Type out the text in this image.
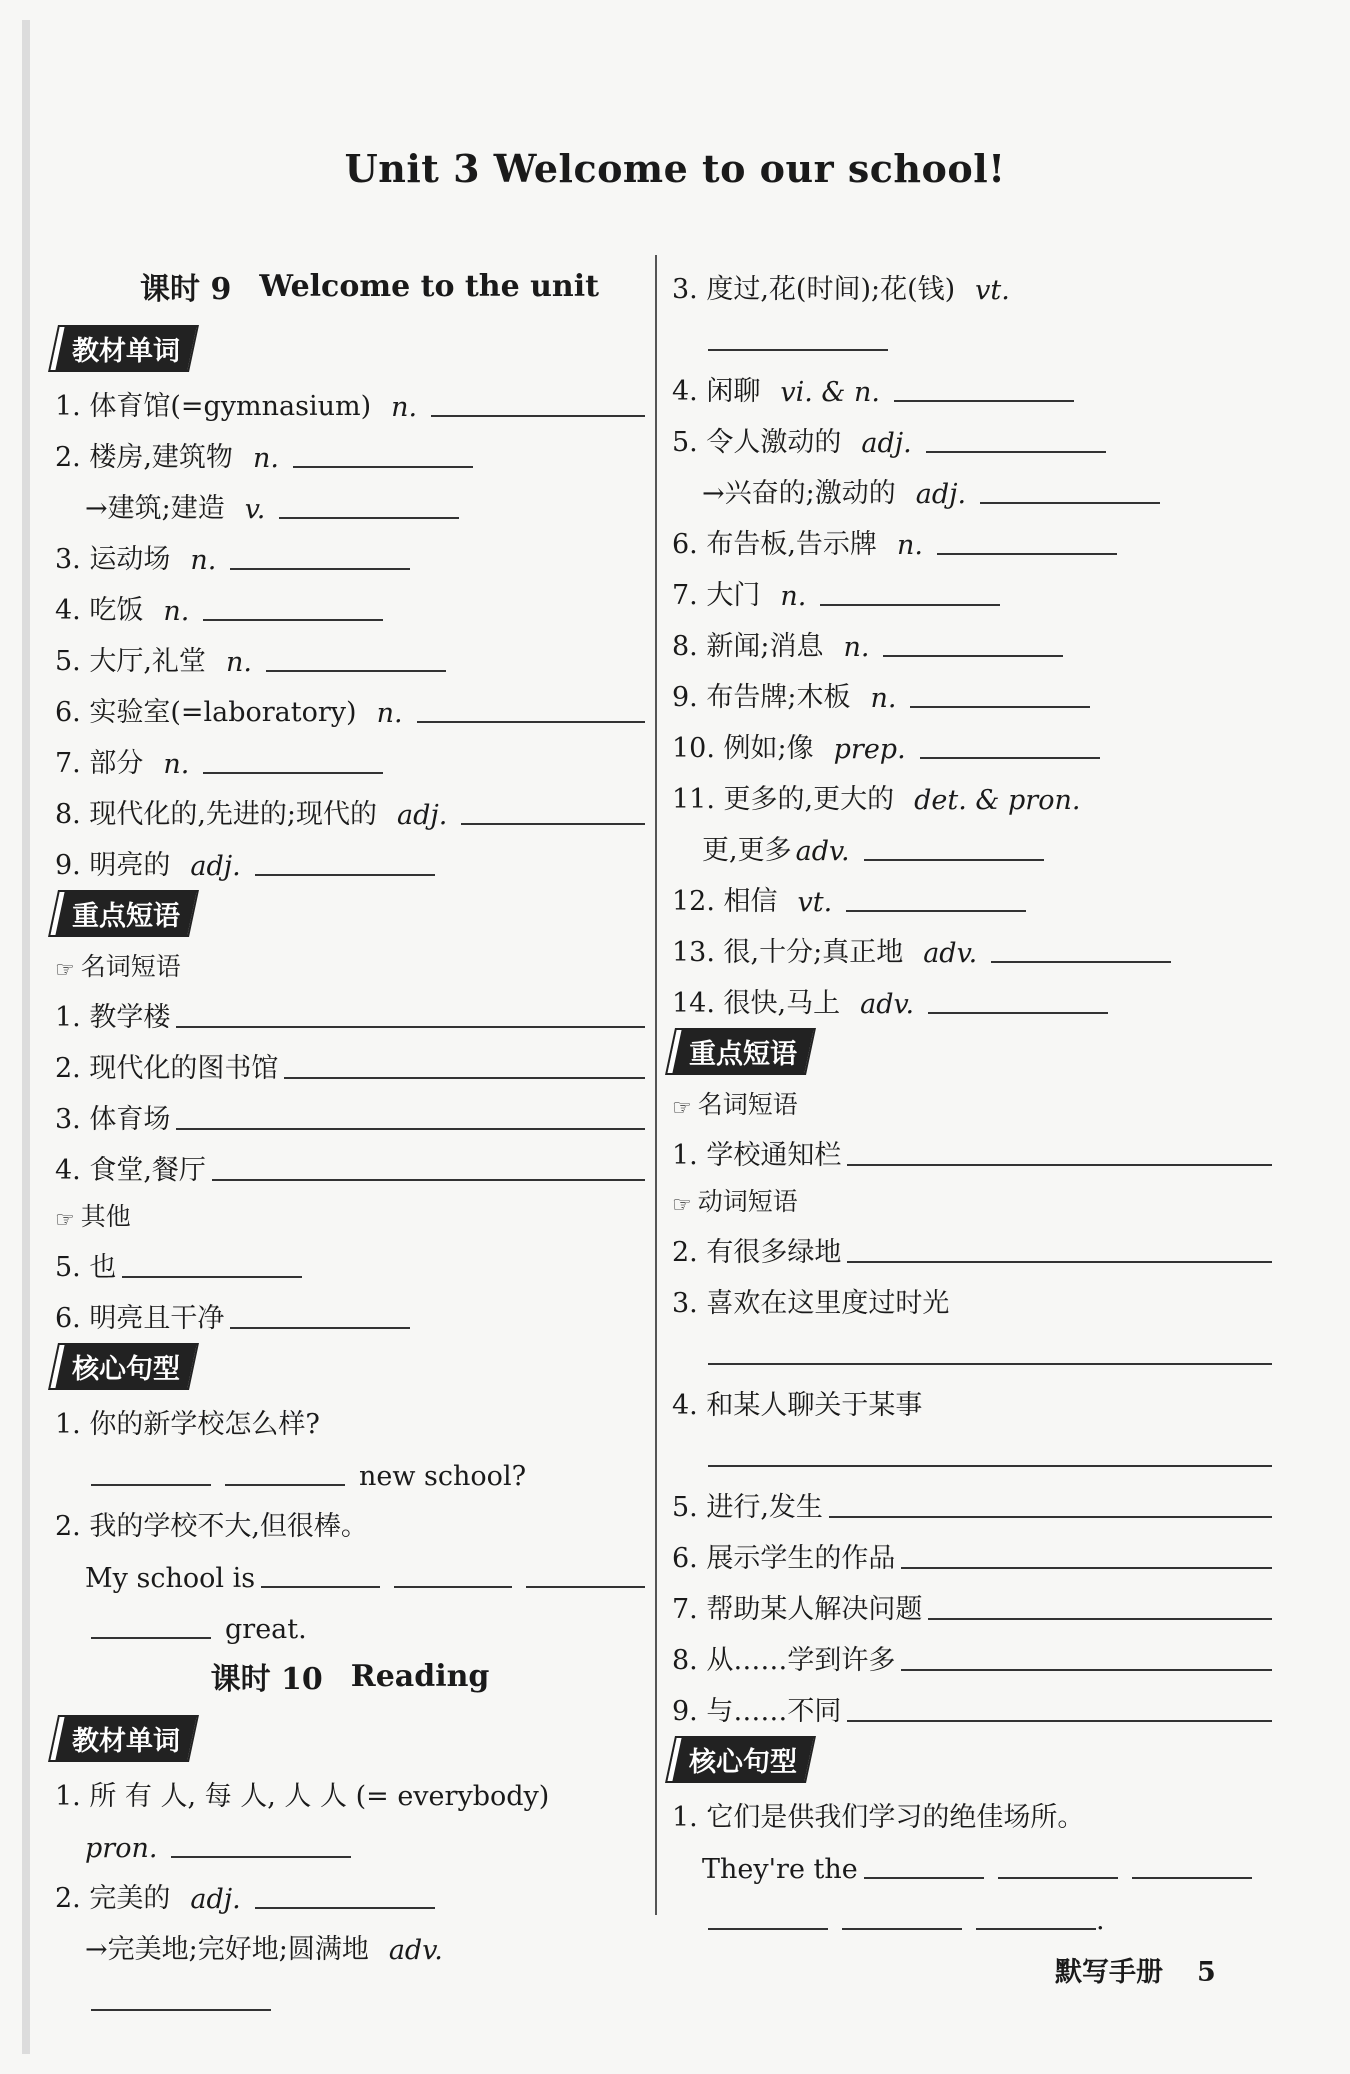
Unit 3 Welcome to our school!
课时 9 Welcome to the unit
教材单词
1. 体育馆(=gymnasium) n.
2. 楼房,建筑物 n.
→建筑;建造 v.
3. 运动场 n.
4. 吃饭 n.
5. 大厅,礼堂 n.
6. 实验室(=laboratory) n.
7. 部分 n.
8. 现代化的,先进的;现代的 adj.
9. 明亮的 adj.
重点短语
☞ 名词短语
1. 教学楼
2. 现代化的图书馆
3. 体育场
4. 食堂,餐厅
☞ 其他
5. 也
6. 明亮且干净
核心句型
1. 你的新学校怎么样?
new school?
2. 我的学校不大,但很棒。
My school is
great.
课时 10 Reading
教材单词
1. 所 有 人, 每 人, 人 人 (= everybody)
pron.
2. 完美的 adj.
→完美地;完好地;圆满地 adv.
3. 度过,花(时间);花(钱) vt.
4. 闲聊 vi. & n.
5. 令人激动的 adj.
→兴奋的;激动的 adj.
6. 布告板,告示牌 n.
7. 大门 n.
8. 新闻;消息 n.
9. 布告牌;木板 n.
10. 例如;像 prep.
11. 更多的,更大的 det. & pron.
更,更多 adv.
12. 相信 vt.
13. 很,十分;真正地 adv.
14. 很快,马上 adv.
重点短语
☞ 名词短语
1. 学校通知栏
☞ 动词短语
2. 有很多绿地
3. 喜欢在这里度过时光
4. 和某人聊关于某事
5. 进行,发生
6. 展示学生的作品
7. 帮助某人解决问题
8. 从……学到许多
9. 与……不同
核心句型
1. 它们是供我们学习的绝佳场所。
They're the
.
默写手册 5
